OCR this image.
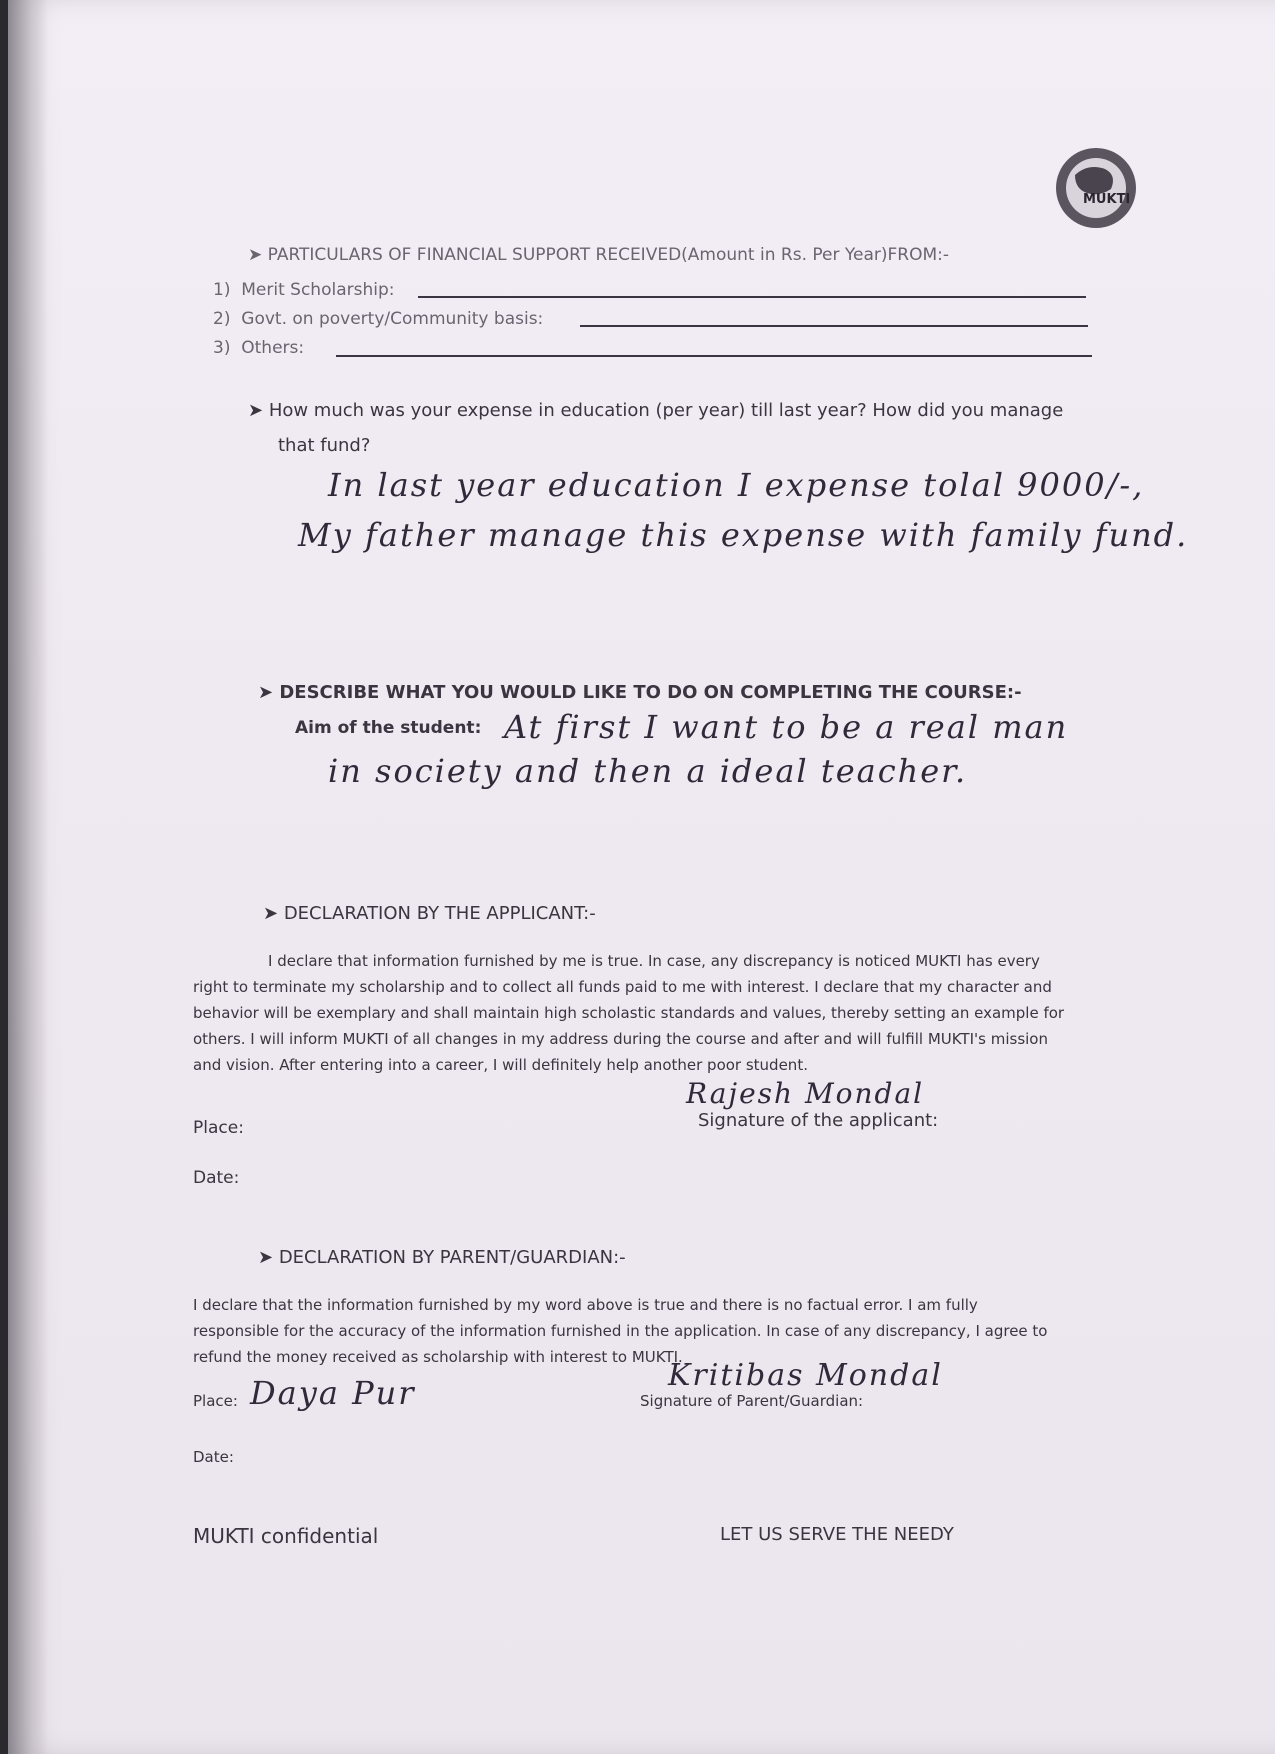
MUKTI
➤ PARTICULARS OF FINANCIAL SUPPORT RECEIVED(Amount in Rs. Per Year)FROM:-
1) Merit Scholarship:
2) Govt. on poverty/Community basis:
3) Others:
➤ How much was your expense in education (per year) till last year? How did you manage
that fund?
In last year education I expense tolal 9000/-,
My father manage this expense with family fund.
➤ DESCRIBE WHAT YOU WOULD LIKE TO DO ON COMPLETING THE COURSE:-
Aim of the student: At first I want to be a real man
in society and then a ideal teacher.
➤ DECLARATION BY THE APPLICANT:-
I declare that information furnished by me is true. In case, any discrepancy is noticed MUKTI has every
right to terminate my scholarship and to collect all funds paid to me with interest. I declare that my character and
behavior will be exemplary and shall maintain high scholastic standards and values, thereby setting an example for
others. I will inform MUKTI of all changes in my address during the course and after and will fulfill MUKTI's mission
and vision. After entering into a career, I will definitely help another poor student.
Rajesh Mondal
Signature of the applicant:
Place:
Date:
➤ DECLARATION BY PARENT/GUARDIAN:-
I declare that the information furnished by my word above is true and there is no factual error. I am fully
responsible for the accuracy of the information furnished in the application. In case of any discrepancy, I agree to
refund the money received as scholarship with interest to MUKTI.
Place: Daya Pur	Signature of Parent/Guardian:
Kritibas Mondal
Date:
MUKTI confidential	LET US SERVE THE NEEDY
